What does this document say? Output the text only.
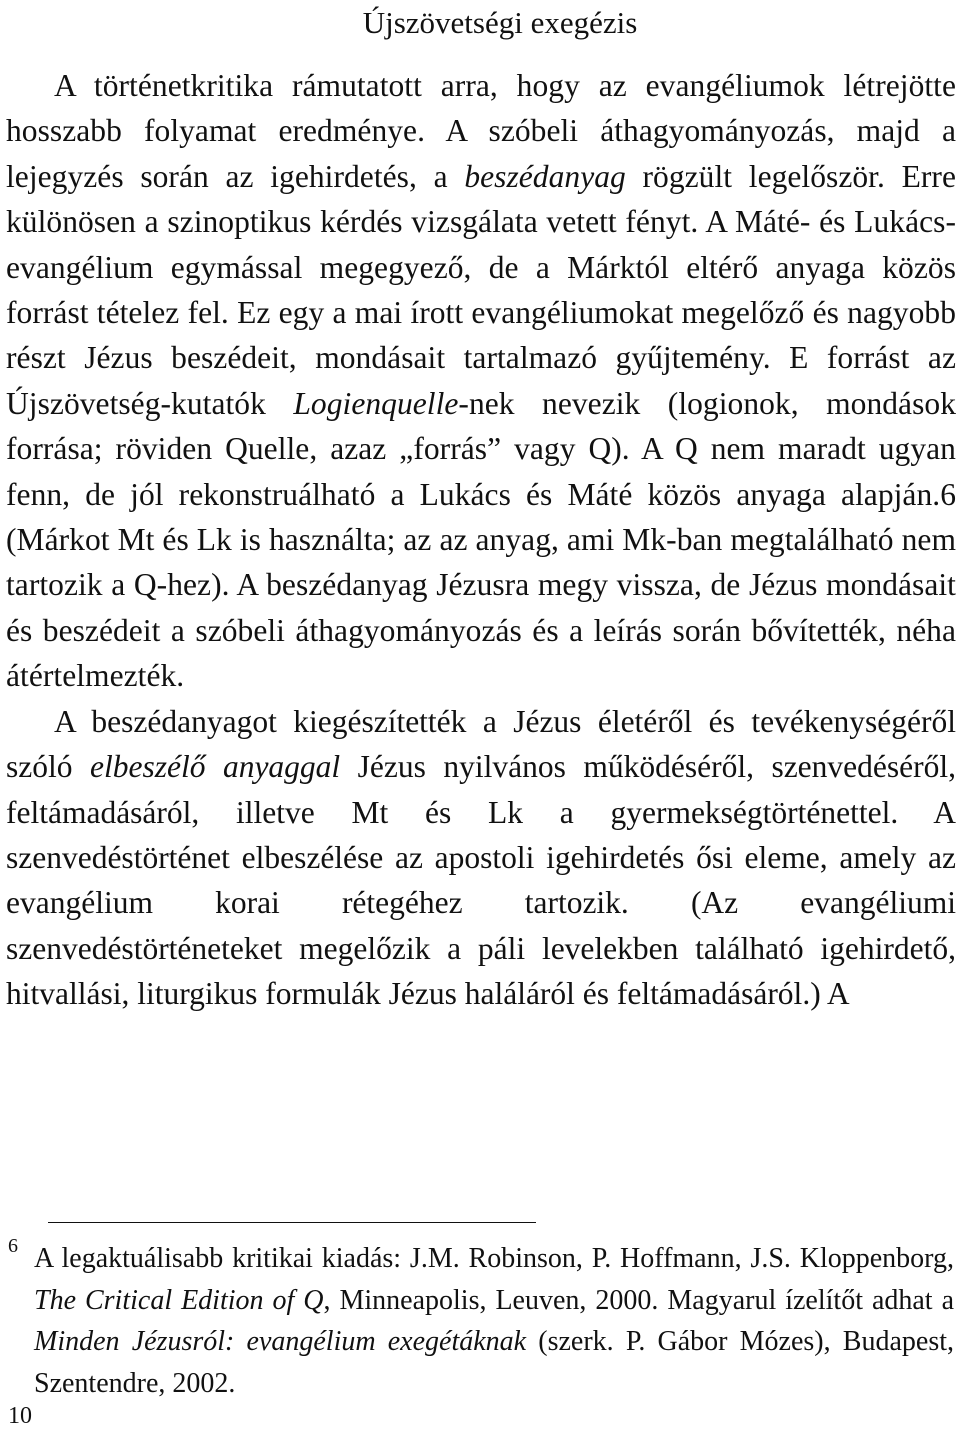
Újszövetségi exegézis

A történetkritika rámutatott arra, hogy az evangéliumok létrejötte hosszabb folyamat eredménye. A szóbeli áthagyományozás, majd a lejegyzés során az igehirdetés, a beszédanyag rögzült legelőször. Erre különösen a szinoptikus kérdés vizsgálata vetett fényt. A Máté- és Lukács-evangélium egymással megegyező, de a Márktól eltérő anyaga közös forrást tételez fel. Ez egy a mai írott evangéliumokat megelőző és nagyobb részt Jézus beszédeit, mondásait tartalmazó gyűjtemény. E forrást az Újszövetség-kutatók Logienquelle-nek nevezik (logionok, mondások forrása; röviden Quelle, azaz „forrás” vagy Q). A Q nem maradt ugyan fenn, de jól rekonstruálható a Lukács és Máté közös anyaga alapján.6 (Márkot Mt és Lk is használta; az az anyag, ami Mk-ban megtalálható nem tartozik a Q-hez). A beszédanyag Jézusra megy vissza, de Jézus mondásait és beszédeit a szóbeli áthagyományozás és a leírás során bővítették, néha átértelmezték.

A beszédanyagot kiegészítették a Jézus életéről és tevékenységéről szóló elbeszélő anyaggal Jézus nyilvános működéséről, szenvedéséről, feltámadásáról, illetve Mt és Lk a gyermekségtörténettel. A szenvedéstörténet elbeszélése az apostoli igehirdetés ősi eleme, amely az evangélium korai rétegéhez tartozik. (Az evangéliumi szenvedéstörténeteket megelőzik a páli levelekben található igehirdető, hitvallási, liturgikus formulák Jézus haláláról és feltámadásáról.) A

6 A legaktuálisabb kritikai kiadás: J.M. Robinson, P. Hoffmann, J.S. Kloppenborg, The Critical Edition of Q, Minneapolis, Leuven, 2000. Magyarul ízelítőt adhat a Minden Jézusról: evangélium exegétáknak (szerk. P. Gábor Mózes), Budapest, Szentendre, 2002.
10
